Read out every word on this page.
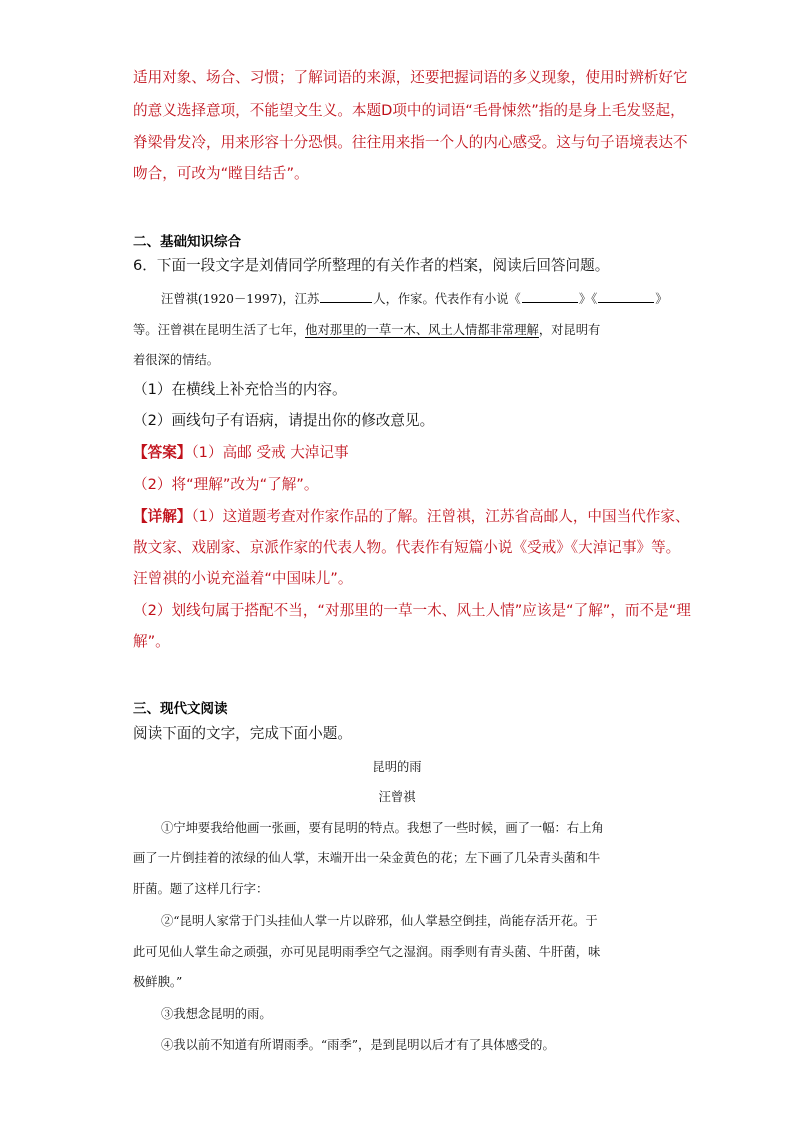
适用对象、场合、习惯；了解词语的来源，还要把握词语的多义现象，使用时辨析好它

的意义选择意项，不能望文生义。本题D项中的词语“毛骨悚然”指的是身上毛发竖起，

脊梁骨发冷，用来形容十分恐惧。往往用来指一个人的内心感受。这与句子语境表达不

吻合，可改为“瞠目结舌”。

二、基础知识综合

6．下面一段文字是刘倩同学所整理的有关作者的档案，阅读后回答问题。

汪曾祺(1920－1997)，江苏	人，作家。代表作有小说《	》《	》

等。汪曾祺在昆明生活了七年，他对那里的一草一木、风土人情都非常理解，对昆明有

着很深的情结。

（1）在横线上补充恰当的内容。

（2）画线句子有语病，请提出你的修改意见。

【答案】（1）高邮 受戒 大淖记事

（2）将“理解”改为“了解”。

【详解】（1）这道题考查对作家作品的了解。汪曾祺，江苏省高邮人，中国当代作家、

散文家、戏剧家、京派作家的代表人物。代表作有短篇小说《受戒》《大淖记事》等。

汪曾祺的小说充溢着“中国味儿”。

（2）划线句属于搭配不当，“对那里的一草一木、风土人情”应该是“了解”，而不是“理

解”。

三、现代文阅读

阅读下面的文字，完成下面小题。

昆明的雨

汪曾祺

①宁坤要我给他画一张画，要有昆明的特点。我想了一些时候，画了一幅：右上角

画了一片倒挂着的浓绿的仙人掌，末端开出一朵金黄色的花；左下画了几朵青头菌和牛

肝菌。题了这样几行字：

②“昆明人家常于门头挂仙人掌一片以辟邪，仙人掌悬空倒挂，尚能存活开花。于

此可见仙人掌生命之顽强，亦可见昆明雨季空气之湿润。雨季则有青头菌、牛肝菌，味

极鲜腴。”

③我想念昆明的雨。

④我以前不知道有所谓雨季。“雨季”，是到昆明以后才有了具体感受的。
